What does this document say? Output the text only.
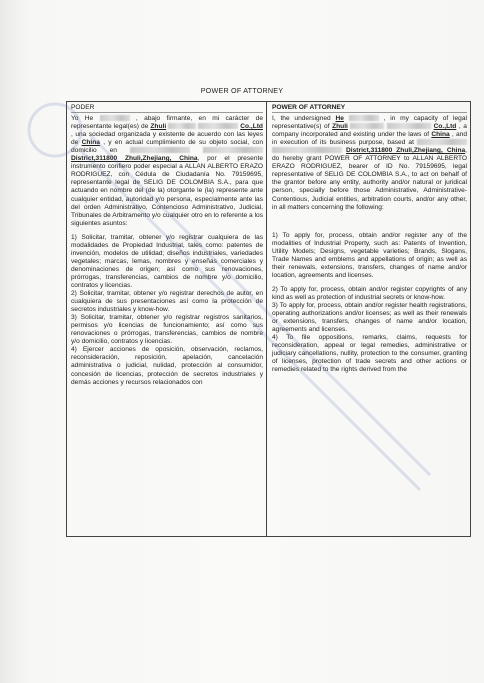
POWER OF ATTORNEY

PODER

Yo He	, abajo firmante, en mi carácter de representante legal(es) de Zhuli	Co.,Ltd , una sociedad organizada y existente de acuerdo con las leyes de China , y en actual cumplimiento de su objeto social, con domicilio en   District,311800 Zhuli,Zhejiang, China, por el presente instrumento confiero poder especial a ALLAN ALBERTO ERAZO RODRIGUEZ, con Cédula de Ciudadanía No. 79159695, representante legal de SELIG DE COLOMBIA S.A., para que actuando en nombre del (de la) otorgante le (la) represente ante cualquier entidad, autoridad y/o persona, especialmente ante las del orden Administrativo, Contencioso Administrativo, Judicial, Tribunales de Arbitramento y/o cualquier otro en lo referente a los siguientes asuntos:

1) Solicitar, tramitar, obtener y/o registrar cualquiera de las modalidades de Propiedad Industrial, tales como: patentes de invención, modelos de utilidad; diseños industriales, variedades vegetales; marcas, lemas, nombres y enseñas comerciales y denominaciones de origen; así como sus renovaciones, prórrogas, transferencias, cambios de nombre y/o domicilio, contratos y licencias.

2) Solicitar, tramitar, obtener y/o registrar derechos de autor, en cualquiera de sus presentaciones así como la protección de secretos industriales y know-how.

3) Solicitar, tramitar, obtener y/o registrar registros sanitarios, permisos y/o licencias de funcionamiento; así como sus renovaciones o prórrogas, transferencias, cambios de nombre y/o domicilio, contratos y licencias.

4) Ejercer acciones de oposición, observación, reclamos, reconsideración, reposición, apelación, cancelación administrativa o judicial, nulidad, protección al consumidor, concesión de licencias, protección de secretos industriales y demás acciones y recursos relacionados con

POWER OF ATTORNEY

I, the undersigned He	, in my capacity of legal representative(s) of Zhuli	Co.,Ltd , a company incorporated and existing under the laws of China , and in execution of its business purpose, based at   District,311800 Zhuli,Zhejiang, China, do hereby grant POWER OF ATTORNEY to ALLAN ALBERTO ERAZO RODRIGUEZ, bearer of ID No. 79159695, legal representative of SELIG DE COLOMBIA S.A., to act on behalf of the grantor before any entity, authority and/or natural or juridical person, specially before those Administrative, Administrative-Contentious, Judicial entities, arbitration courts, and/or any other, in all matters concerning the following:

1) To apply for, process, obtain and/or register any of the modalities of Industrial Property, such as: Patents of Invention, Utility Models; Designs, vegetable varieties; Brands, Slogans, Trade Names and emblems and appellations of origin; as well as their renewals, extensions, transfers, changes of name and/or location, agreements and licenses.

2) To apply for, process, obtain and/or register copyrights of any kind as well as protection of industrial secrets or know-how.

3) To apply for, process, obtain and/or register health registrations, operating authorizations and/or licenses; as well as their renewals or extensions, transfers, changes of name and/or location, agreements and licenses.

4) To file oppositions, remarks, claims, requests for reconsideration, appeal or legal remedies, administrative or judiciary cancellations, nullity, protection to the consumer, granting of licenses, protection of trade secrets and other actions or remedies related to the rights derived from the
